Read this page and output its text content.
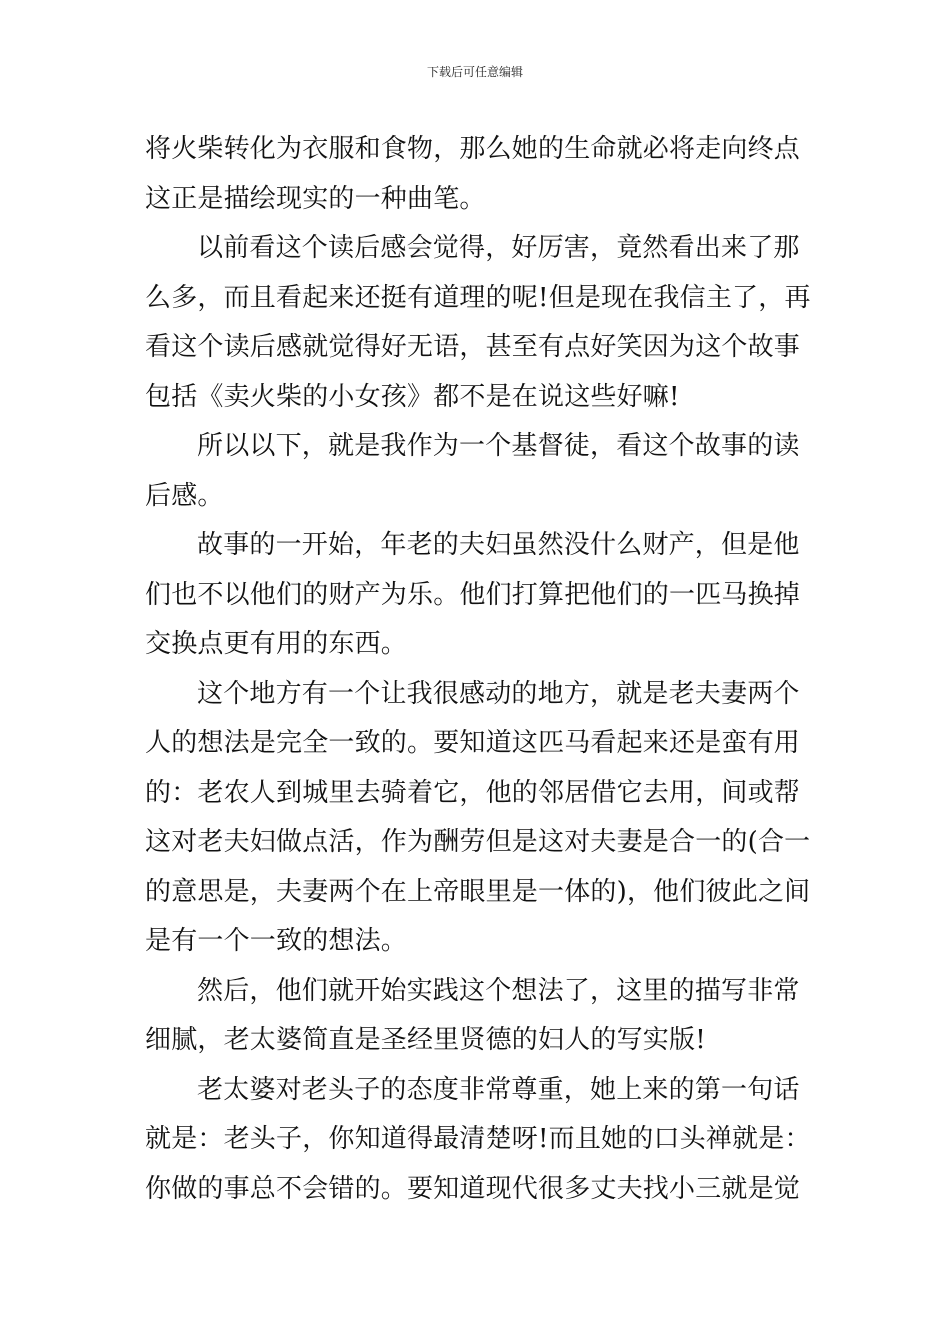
下载后可任意编辑
将火柴转化为衣服和食物，那么她的生命就必将走向终点
这正是描绘现实的一种曲笔。
以前看这个读后感会觉得，好厉害，竟然看出来了那
么多，而且看起来还挺有道理的呢!但是现在我信主了，再
看这个读后感就觉得好无语，甚至有点好笑因为这个故事
包括《卖火柴的小女孩》都不是在说这些好嘛!
所以以下，就是我作为一个基督徒，看这个故事的读
后感。
故事的一开始，年老的夫妇虽然没什么财产，但是他
们也不以他们的财产为乐。他们打算把他们的一匹马换掉
交换点更有用的东西。
这个地方有一个让我很感动的地方，就是老夫妻两个
人的想法是完全一致的。要知道这匹马看起来还是蛮有用
的：老农人到城里去骑着它，他的邻居借它去用，间或帮
这对老夫妇做点活，作为酬劳但是这对夫妻是合一的(合一
的意思是，夫妻两个在上帝眼里是一体的)，他们彼此之间
是有一个一致的想法。
然后，他们就开始实践这个想法了，这里的描写非常
细腻，老太婆简直是圣经里贤德的妇人的写实版!
老太婆对老头子的态度非常尊重，她上来的第一句话
就是：老头子，你知道得最清楚呀!而且她的口头禅就是：
你做的事总不会错的。要知道现代很多丈夫找小三就是觉
